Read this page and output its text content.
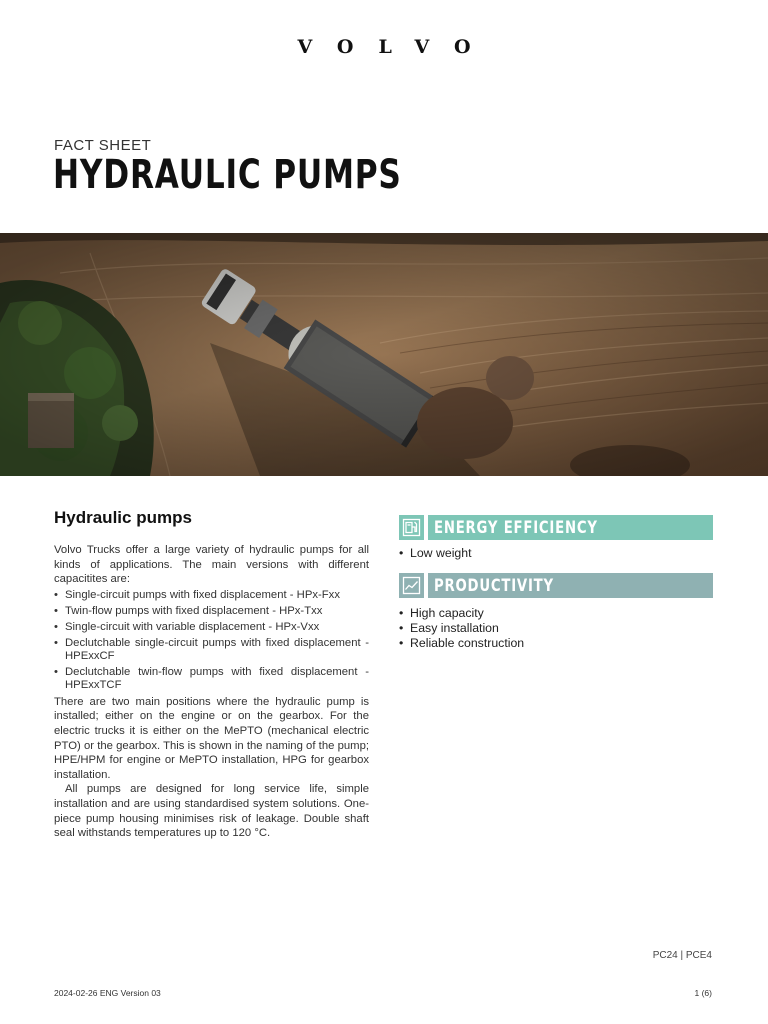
VOLVO
FACT SHEET
HYDRAULIC PUMPS
Hydraulic pumps

Volvo Trucks offer a large variety of hydraulic pumps for all kinds of applications. The main versions with different capacitites are:

• Single-circuit pumps with fixed displacement - HPx-Fxx
• Twin-flow pumps with fixed displacement - HPx-Txx
• Single-circuit with variable displacement - HPx-Vxx
• Declutchable single-circuit pumps with fixed displacement - HPExxCF
• Declutchable twin-flow pumps with fixed displacement - HPExxTCF

There are two main positions where the hydraulic pump is installed; either on the engine or on the gearbox. For the electric trucks it is either on the MePTO (mechanical electric PTO) or the gearbox. This is shown in the naming of the pump; HPE/HPM for engine or MePTO installation, HPG for gearbox installation.

All pumps are designed for long service life, simple installation and are using standardised system solutions. One-piece pump housing minimises risk of leakage. Double shaft seal withstands temperatures up to 120 °C.

ENERGY EFFICIENCY
• Low weight
PRODUCTIVITY
• High capacity
• Easy installation
• Reliable construction
PC24 | PCE4
2024-02-26 ENG Version 03	1 (6)
